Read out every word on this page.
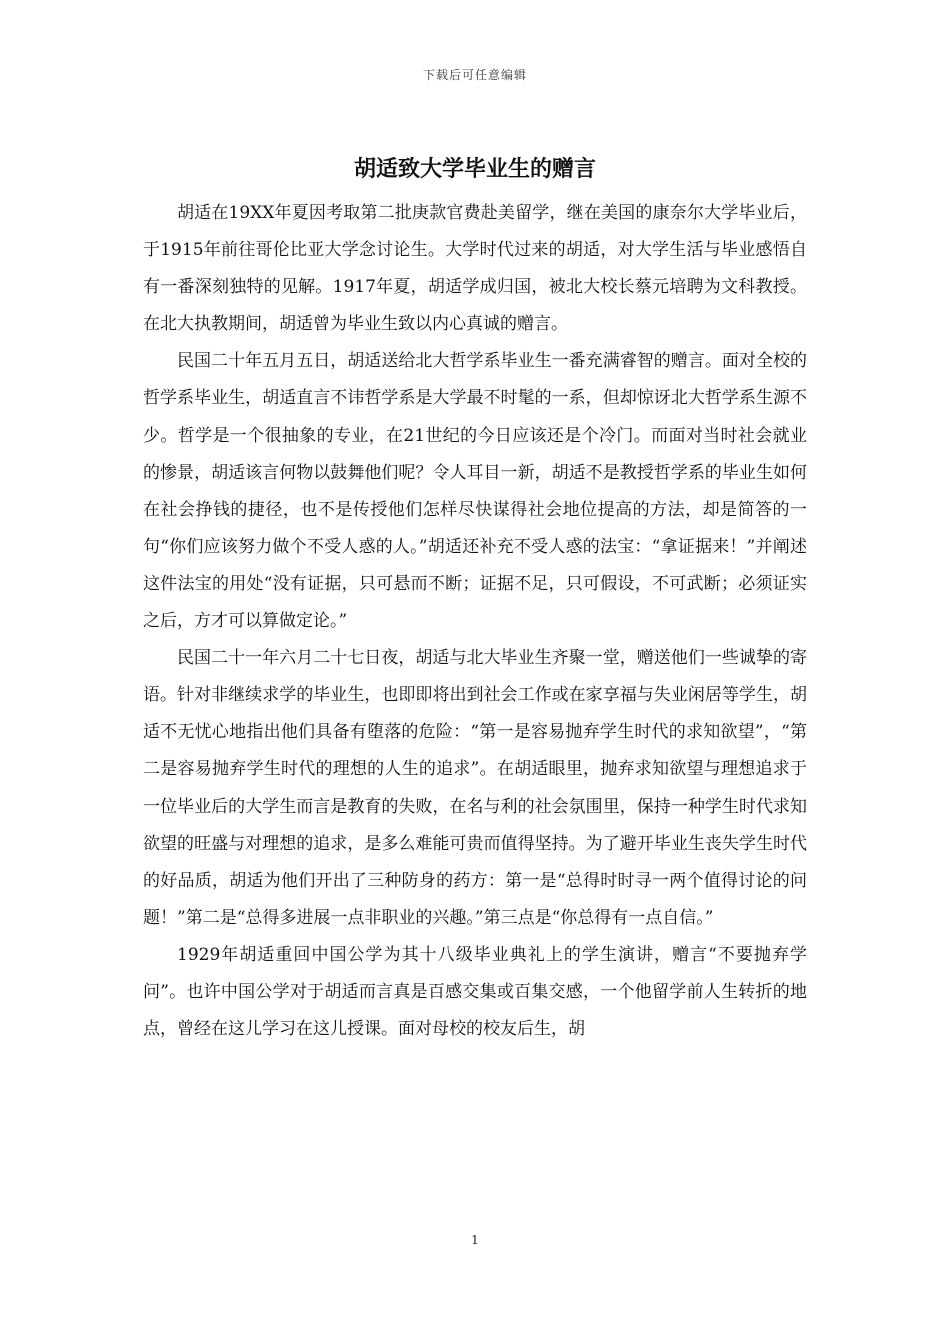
下载后可任意编辑
胡适致大学毕业生的赠言

胡适在19XX年夏因考取第二批庚款官费赴美留学，继在美国的康奈尔大学毕业后，于1915年前往哥伦比亚大学念讨论生。大学时代过来的胡适，对大学生活与毕业感悟自有一番深刻独特的见解。1917年夏，胡适学成归国，被北大校长蔡元培聘为文科教授。在北大执教期间，胡适曾为毕业生致以内心真诚的赠言。

民国二十年五月五日，胡适送给北大哲学系毕业生一番充满睿智的赠言。面对全校的哲学系毕业生，胡适直言不讳哲学系是大学最不时髦的一系，但却惊讶北大哲学系生源不少。哲学是一个很抽象的专业，在21世纪的今日应该还是个冷门。而面对当时社会就业的惨景，胡适该言何物以鼓舞他们呢？令人耳目一新，胡适不是教授哲学系的毕业生如何在社会挣钱的捷径，也不是传授他们怎样尽快谋得社会地位提高的方法，却是简答的一句“你们应该努力做个不受人惑的人。”胡适还补充不受人惑的法宝：“拿证据来！”并阐述这件法宝的用处“没有证据，只可悬而不断；证据不足，只可假设，不可武断；必须证实之后，方才可以算做定论。”

民国二十一年六月二十七日夜，胡适与北大毕业生齐聚一堂，赠送他们一些诚挚的寄语。针对非继续求学的毕业生，也即即将出到社会工作或在家享福与失业闲居等学生，胡适不无忧心地指出他们具备有堕落的危险：“第一是容易抛弃学生时代的求知欲望”，“第二是容易抛弃学生时代的理想的人生的追求”。在胡适眼里，抛弃求知欲望与理想追求于一位毕业后的大学生而言是教育的失败，在名与利的社会氛围里，保持一种学生时代求知欲望的旺盛与对理想的追求，是多么难能可贵而值得坚持。为了避开毕业生丧失学生时代的好品质，胡适为他们开出了三种防身的药方：第一是“总得时时寻一两个值得讨论的问题！”第二是“总得多进展一点非职业的兴趣。”第三点是“你总得有一点自信。”

1929年胡适重回中国公学为其十八级毕业典礼上的学生演讲，赠言“不要抛弃学问”。也许中国公学对于胡适而言真是百感交集或百集交感，一个他留学前人生转折的地点，曾经在这儿学习在这儿授课。面对母校的校友后生，胡

1
